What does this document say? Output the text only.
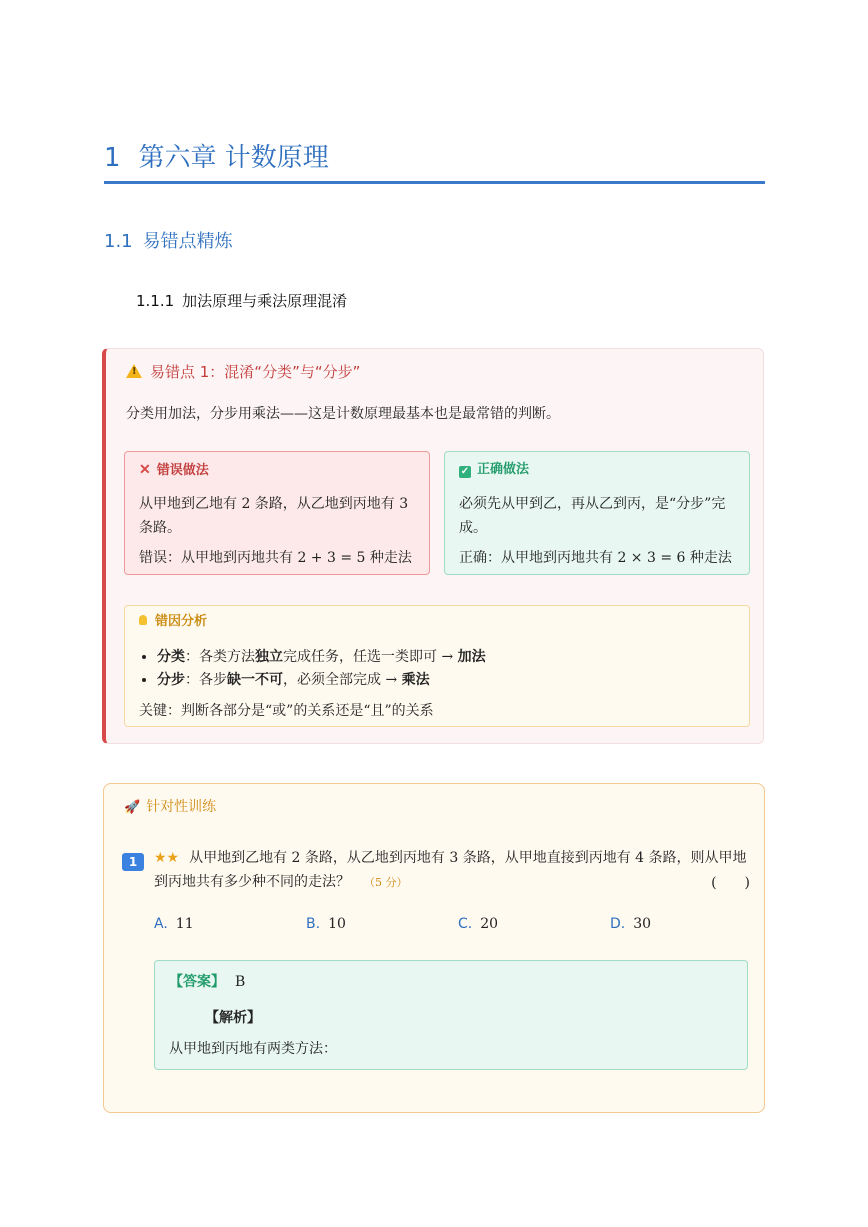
1 第六章 计数原理
1.1 易错点精炼
1.1.1 加法原理与乘法原理混淆
!易错点 1：混淆“分类”与“分步”
分类用加法，分步用乘法——这是计数原理最基本也是最常错的判断。
✕ 错误做法

从甲地到乙地有 2 条路，从乙地到丙地有 3 条路。

错误：从甲地到丙地共有 2 + 3 = 5 种走法

✓ 正确做法

必须先从甲到乙，再从乙到丙，是“分步”完成。

正确：从甲地到丙地共有 2 × 3 = 6 种走法

错因分析
• 分类：各类方法独立完成任务，任选一类即可 → 加法
• 分步：各步缺一不可，必须全部完成 → 乘法
关键：判断各部分是“或”的关系还是“且”的关系
🚀 针对性训练
1	★★ 从甲地到乙地有 2 条路，从乙地到丙地有 3 条路，从甲地直接到丙地有 4 条路，则从甲地到丙地共有多少种不同的走法？ （5 分）	(　　)
A. 11	B. 10	C. 20	D. 30
【答案】 B
【解析】
从甲地到丙地有两类方法：
